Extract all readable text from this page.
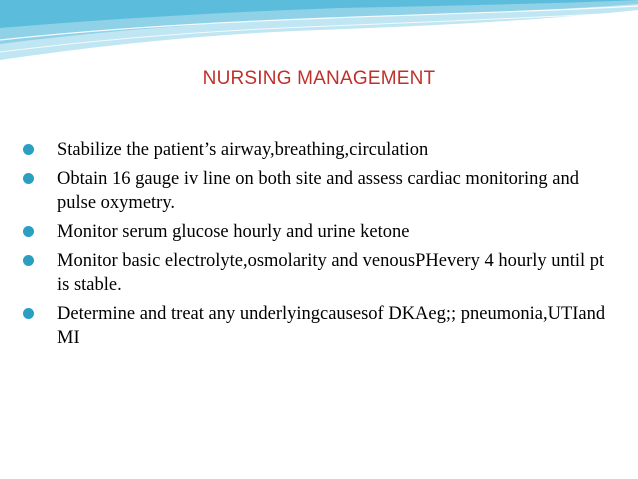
NURSING MANAGEMENT
Stabilize the patient’s airway,breathing,circulation
Obtain 16 gauge iv line on both site and assess cardiac monitoring and pulse oxymetry.
Monitor serum glucose hourly and urine ketone
Monitor basic electrolyte,osmolarity and venousPHevery 4 hourly until pt is stable.
Determine and treat any underlyingcausesof DKAeg;; pneumonia,UTIand MI
